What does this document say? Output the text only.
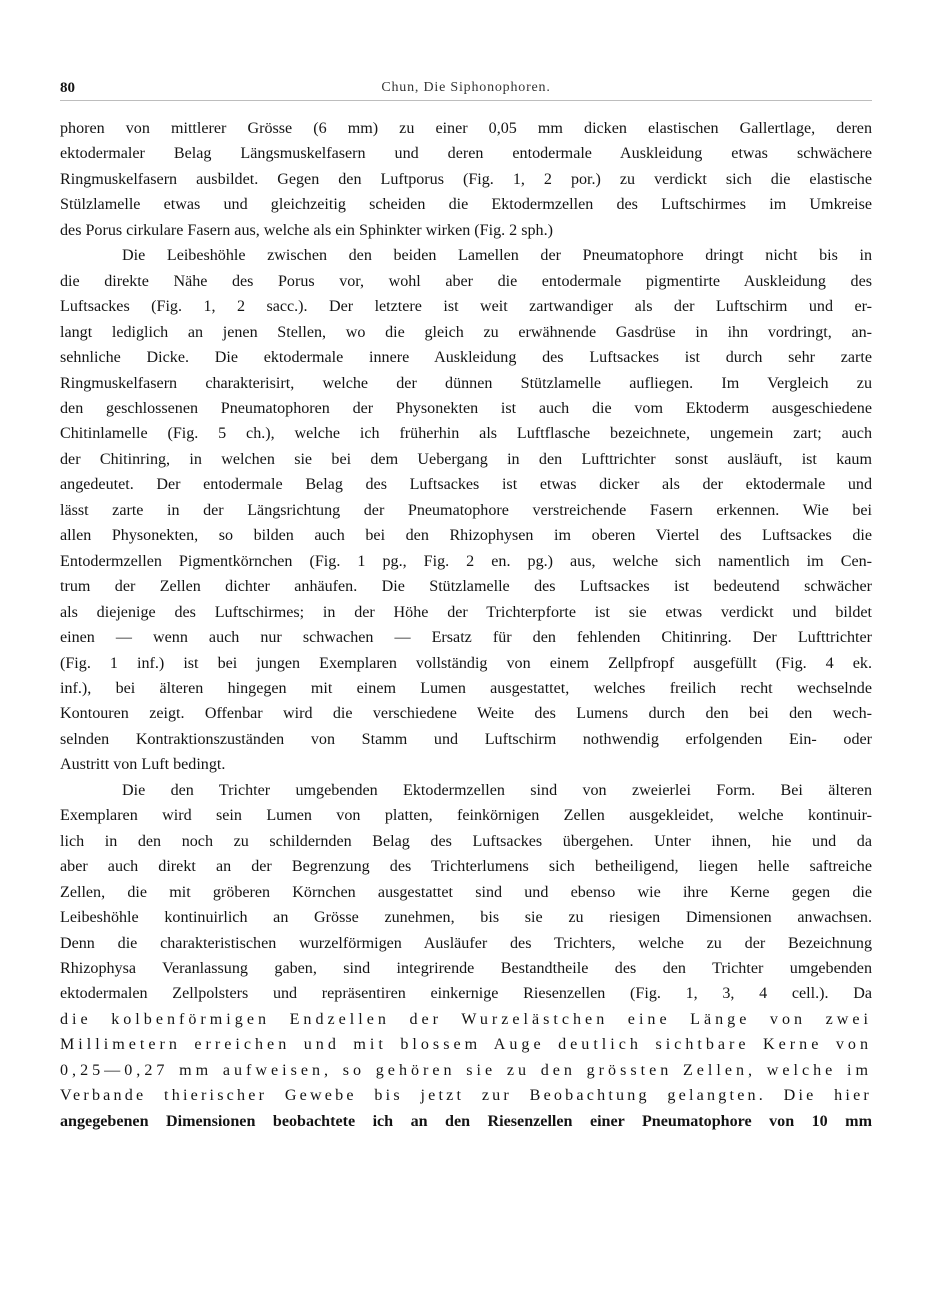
80	Chun, Die Siphonophoren.
phoren von mittlerer Grösse (6 mm) zu einer 0,05 mm dicken elastischen Gallertlage, deren
ektodermaler Belag Längsmuskelfasern und deren entodermale Auskleidung etwas schwächere
Ringmuskelfasern ausbildet. Gegen den Luftporus (Fig. 1, 2 por.) zu verdickt sich die elastische
Stülzlamelle etwas und gleichzeitig scheiden die Ektodermzellen des Luftschirmes im Umkreise
des Porus cirkulare Fasern aus, welche als ein Sphinkter wirken (Fig. 2 sph.)
Die Leibeshöhle zwischen den beiden Lamellen der Pneumatophore dringt nicht bis in
die direkte Nähe des Porus vor, wohl aber die entodermale pigmentirte Auskleidung des
Luftsackes (Fig. 1, 2 sacc.). Der letztere ist weit zartwandiger als der Luftschirm und er-
langt lediglich an jenen Stellen, wo die gleich zu erwähnende Gasdrüse in ihn vordringt, an-
sehnliche Dicke. Die ektodermale innere Auskleidung des Luftsackes ist durch sehr zarte
Ringmuskelfasern charakterisirt, welche der dünnen Stützlamelle aufliegen. Im Vergleich zu
den geschlossenen Pneumatophoren der Physonekten ist auch die vom Ektoderm ausgeschiedene
Chitinlamelle (Fig. 5 ch.), welche ich früherhin als Luftflasche bezeichnete, ungemein zart; auch
der Chitinring, in welchen sie bei dem Uebergang in den Lufttrichter sonst ausläuft, ist kaum
angedeutet. Der entodermale Belag des Luftsackes ist etwas dicker als der ektodermale und
lässt zarte in der Längsrichtung der Pneumatophore verstreichende Fasern erkennen. Wie bei
allen Physonekten, so bilden auch bei den Rhizophysen im oberen Viertel des Luftsackes die
Entodermzellen Pigmentkörnchen (Fig. 1 pg., Fig. 2 en. pg.) aus, welche sich namentlich im Cen-
trum der Zellen dichter anhäufen. Die Stützlamelle des Luftsackes ist bedeutend schwächer
als diejenige des Luftschirmes; in der Höhe der Trichterpforte ist sie etwas verdickt und bildet
einen — wenn auch nur schwachen — Ersatz für den fehlenden Chitinring. Der Lufttrichter
(Fig. 1 inf.) ist bei jungen Exemplaren vollständig von einem Zellpfropf ausgefüllt (Fig. 4 ek.
inf.), bei älteren hingegen mit einem Lumen ausgestattet, welches freilich recht wechselnde
Kontouren zeigt. Offenbar wird die verschiedene Weite des Lumens durch den bei den wech-
selnden Kontraktionszuständen von Stamm und Luftschirm nothwendig erfolgenden Ein- oder
Austritt von Luft bedingt.
Die den Trichter umgebenden Ektodermzellen sind von zweierlei Form. Bei älteren
Exemplaren wird sein Lumen von platten, feinkörnigen Zellen ausgekleidet, welche kontinuir-
lich in den noch zu schildernden Belag des Luftsackes übergehen. Unter ihnen, hie und da
aber auch direkt an der Begrenzung des Trichterlumens sich betheiligend, liegen helle saftreiche
Zellen, die mit gröberen Körnchen ausgestattet sind und ebenso wie ihre Kerne gegen die
Leibeshöhle kontinuirlich an Grösse zunehmen, bis sie zu riesigen Dimensionen anwachsen.
Denn die charakteristischen wurzelförmigen Ausläufer des Trichters, welche zu der Bezeichnung
Rhizophysa Veranlassung gaben, sind integrirende Bestandtheile des den Trichter umgebenden
ektodermalen Zellpolsters und repräsentiren einkernige Riesenzellen (Fig. 1, 3, 4 cell.). Da
die kolbenförmigen Endzellen der Wurzelästchen eine Länge von zwei
Millimetern erreichen und mit blossem Auge deutlich sichtbare Kerne von
0,25—0,27 mm aufweisen, so gehören sie zu den grössten Zellen, welche im
Verbande thierischer Gewebe bis jetzt zur Beobachtung gelangten. Die hier
angegebenen Dimensionen beobachtete ich an den Riesenzellen einer Pneumatophore von 10 mm
